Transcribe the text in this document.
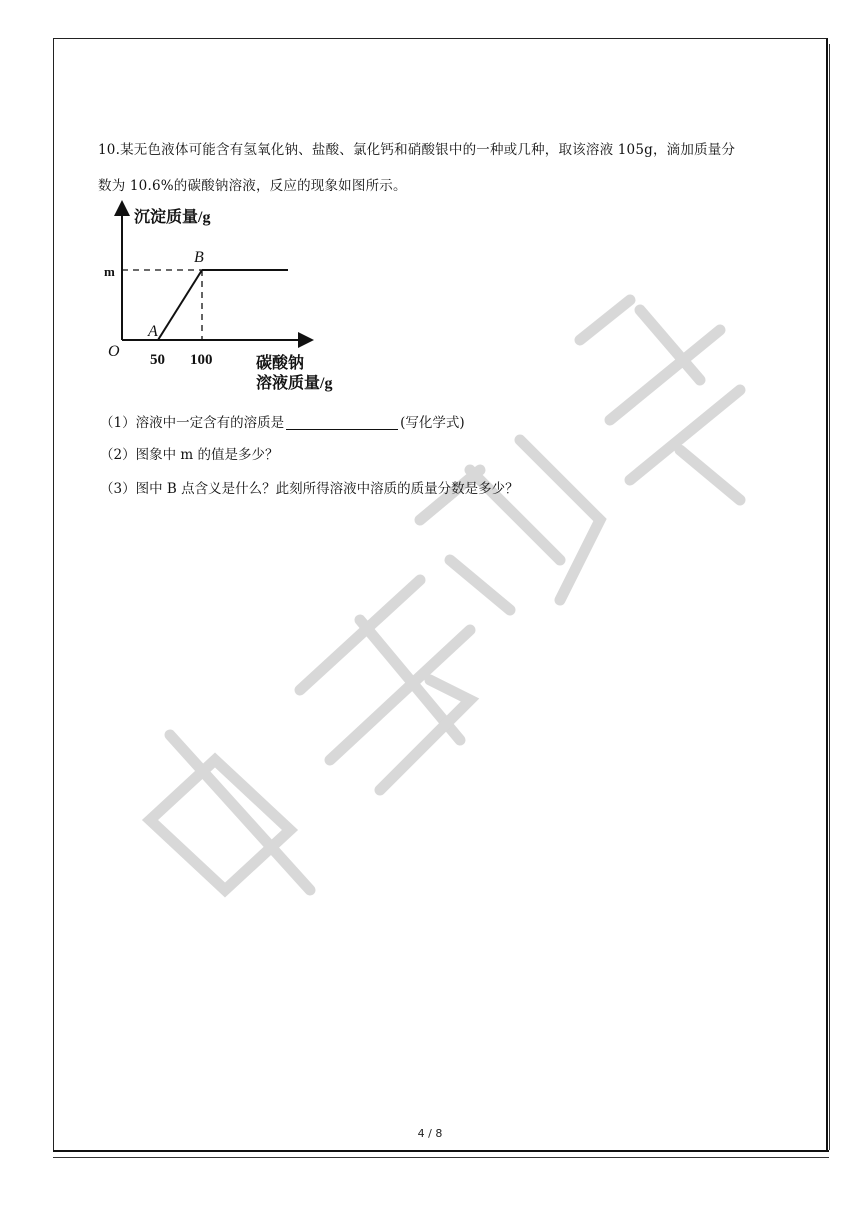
10.某无色液体可能含有氢氧化钠、盐酸、氯化钙和硝酸银中的一种或几种，取该溶液 105g，滴加质量分
数为 10.6%的碳酸钠溶液，反应的现象如图所示。
沉淀质量/g
m
B
A
O 50 100	碳酸钠
溶液质量/g
（1）溶液中一定含有的溶质是	(写化学式)
（2）图象中 m 的值是多少？
（3）图中 B 点含义是什么？此刻所得溶液中溶质的质量分数是多少？
4 / 8
